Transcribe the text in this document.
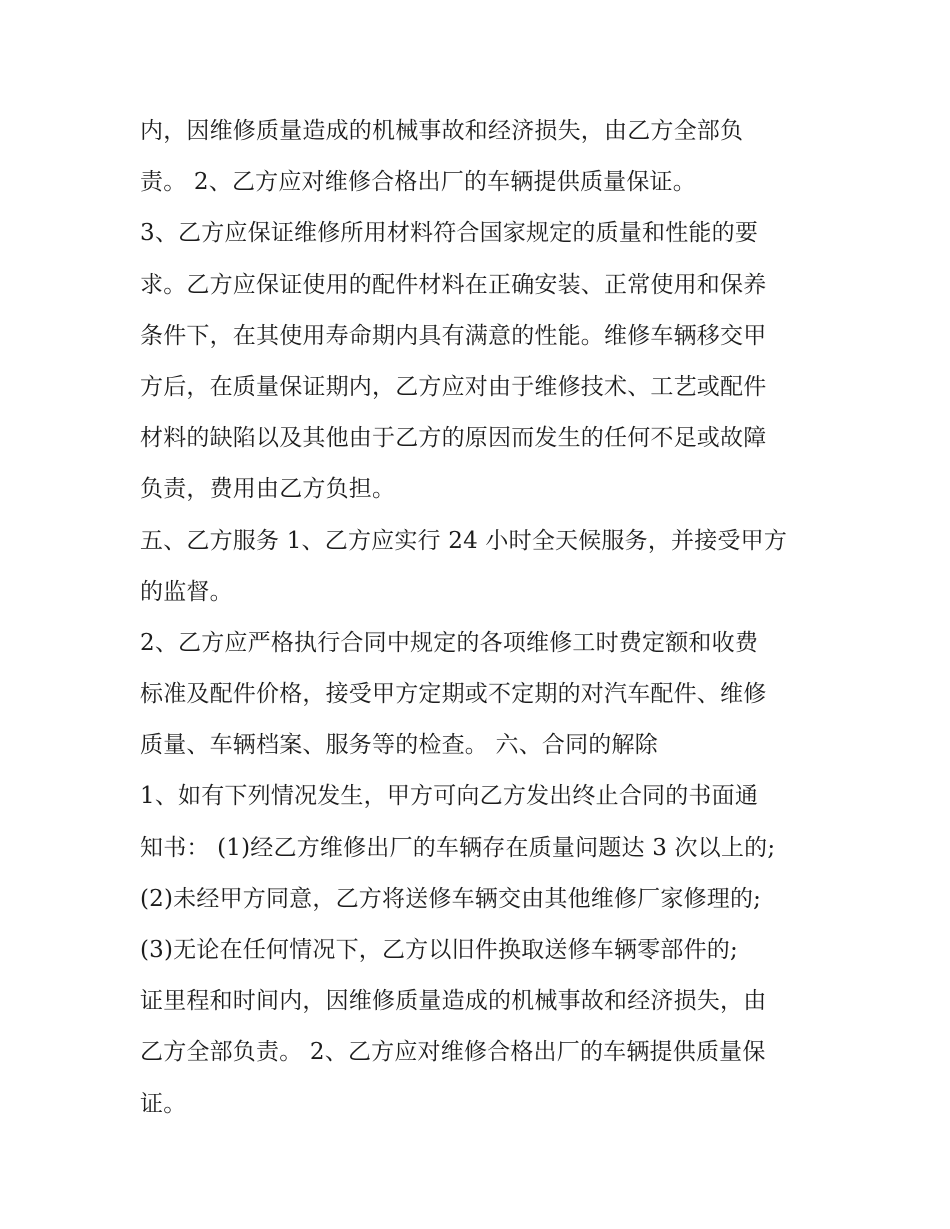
内，因维修质量造成的机械事故和经济损失，由乙方全部负
责。 2、乙方应对维修合格出厂的车辆提供质量保证。
3、乙方应保证维修所用材料符合国家规定的质量和性能的要
求。乙方应保证使用的配件材料在正确安装、正常使用和保养
条件下，在其使用寿命期内具有满意的性能。维修车辆移交甲
方后，在质量保证期内，乙方应对由于维修技术、工艺或配件
材料的缺陷以及其他由于乙方的原因而发生的任何不足或故障
负责，费用由乙方负担。
五、乙方服务 1、乙方应实行 24 小时全天候服务，并接受甲方
的监督。
2、乙方应严格执行合同中规定的各项维修工时费定额和收费
标准及配件价格，接受甲方定期或不定期的对汽车配件、维修
质量、车辆档案、服务等的检查。 六、合同的解除
1、如有下列情况发生，甲方可向乙方发出终止合同的书面通
知书： (1)经乙方维修出厂的车辆存在质量问题达 3 次以上的;
(2)未经甲方同意，乙方将送修车辆交由其他维修厂家修理的;
(3)无论在任何情况下，乙方以旧件换取送修车辆零部件的;
证里程和时间内，因维修质量造成的机械事故和经济损失，由
乙方全部负责。 2、乙方应对维修合格出厂的车辆提供质量保
证。
